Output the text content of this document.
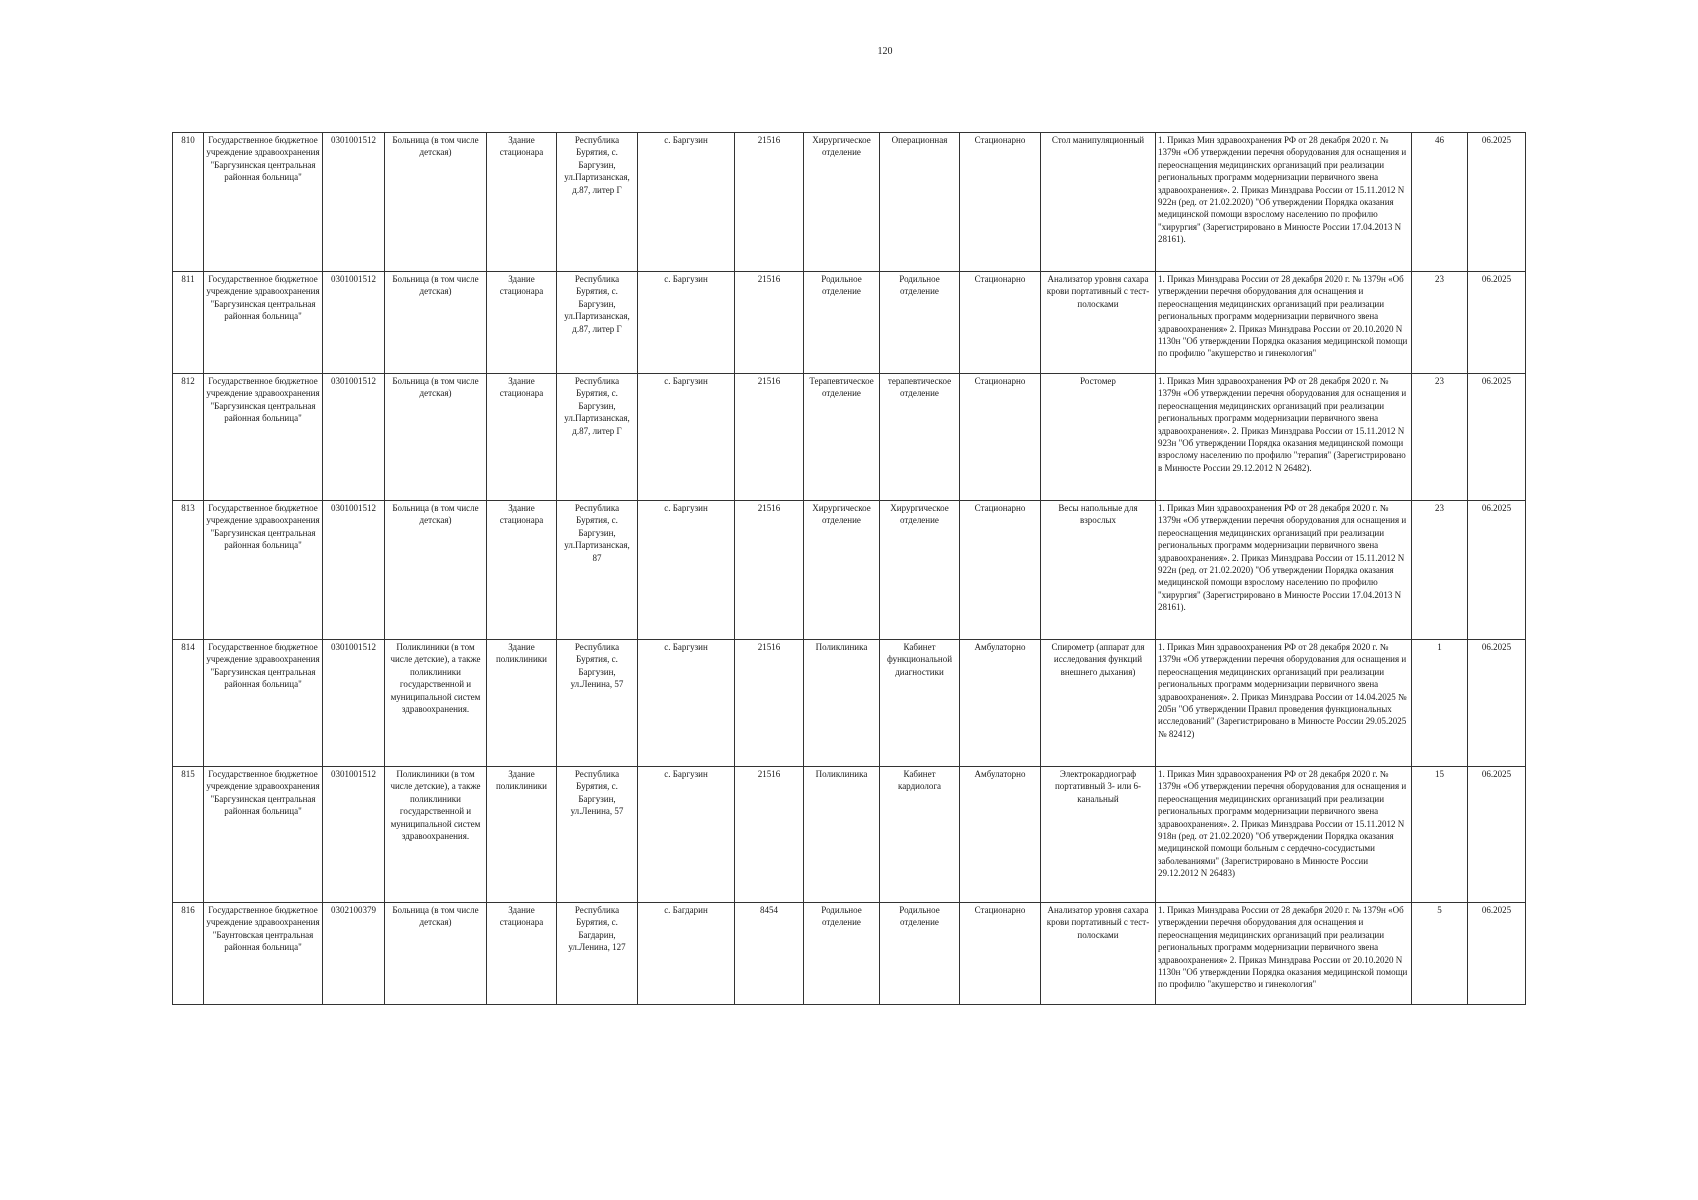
120
810	Государственное бюджетное учреждение здравоохранения "Баргузинская центральная районная больница"	0301001512	Больница (в том числе детская)	Здание стационара	Республика Бурятия, с. Баргузин, ул.Партизанская, д.87, литер Г	с. Баргузин	21516	Хирургическое отделение	Операционная	Стационарно	Стол манипуляционный	1. Приказ Мин здравоохранения РФ от 28 декабря 2020 г. № 1379н «Об утверждении перечня оборудования для оснащения и переоснащения медицинских организаций при реализации региональных программ модернизации первичного звена здравоохранения». 2. Приказ Минздрава России от 15.11.2012 N 922н (ред. от 21.02.2020) "Об утверждении Порядка оказания медицинской помощи взрослому населению по профилю "хирургия" (Зарегистрировано в Минюсте России 17.04.2013 N 28161).	46	06.2025
811	Государственное бюджетное учреждение здравоохранения "Баргузинская центральная районная больница"	0301001512	Больница (в том числе детская)	Здание стационара	Республика Бурятия, с. Баргузин, ул.Партизанская, д.87, литер Г	с. Баргузин	21516	Родильное отделение	Родильное отделение	Стационарно	Анализатор уровня сахара крови портативный с тест-полосками	1. Приказ Минздрава России от 28 декабря 2020 г. № 1379н «Об утверждении перечня оборудования для оснащения и переоснащения медицинских организаций при реализации региональных программ модернизации первичного звена здравоохранения» 2. Приказ Минздрава России от 20.10.2020 N 1130н "Об утверждении Порядка оказания медицинской помощи по профилю "акушерство и гинекология"	23	06.2025
812	Государственное бюджетное учреждение здравоохранения "Баргузинская центральная районная больница"	0301001512	Больница (в том числе детская)	Здание стационара	Республика Бурятия, с. Баргузин, ул.Партизанская, д.87, литер Г	с. Баргузин	21516	Терапевтическое отделение	терапевтическое отделение	Стационарно	Ростомер	1. Приказ Мин здравоохранения РФ от 28 декабря 2020 г. № 1379н «Об утверждении перечня оборудования для оснащения и переоснащения медицинских организаций при реализации региональных программ модернизации первичного звена здравоохранения». 2. Приказ Минздрава России от 15.11.2012 N 923н "Об утверждении Порядка оказания медицинской помощи взрослому населению по профилю "терапия" (Зарегистрировано в Минюсте России 29.12.2012 N 26482).	23	06.2025
813	Государственное бюджетное учреждение здравоохранения "Баргузинская центральная районная больница"	0301001512	Больница (в том числе детская)	Здание стационара	Республика Бурятия, с. Баргузин, ул.Партизанская, 87	с. Баргузин	21516	Хирургическое отделение	Хирургическое отделение	Стационарно	Весы напольные для взрослых	1. Приказ Мин здравоохранения РФ от 28 декабря 2020 г. № 1379н «Об утверждении перечня оборудования для оснащения и переоснащения медицинских организаций при реализации региональных программ модернизации первичного звена здравоохранения». 2. Приказ Минздрава России от 15.11.2012 N 922н (ред. от 21.02.2020) "Об утверждении Порядка оказания медицинской помощи взрослому населению по профилю "хирургия" (Зарегистрировано в Минюсте России 17.04.2013 N 28161).	23	06.2025
814	Государственное бюджетное учреждение здравоохранения "Баргузинская центральная районная больница"	0301001512	Поликлиники (в том числе детские), а также поликлиники государственной и муниципальной систем здравоохранения.	Здание поликлиники	Республика Бурятия, с. Баргузин, ул.Ленина, 57	с. Баргузин	21516	Поликлиника	Кабинет функциональной диагностики	Амбулаторно	Спирометр (аппарат для исследования функций внешнего дыхания)	1. Приказ Мин здравоохранения РФ от 28 декабря 2020 г. № 1379н «Об утверждении перечня оборудования для оснащения и переоснащения медицинских организаций при реализации региональных программ модернизации первичного звена здравоохранения». 2. Приказ Минздрава России от 14.04.2025 № 205н "Об утверждении Правил проведения функциональных исследований" (Зарегистрировано в Минюсте России 29.05.2025 № 82412)	1	06.2025
815	Государственное бюджетное учреждение здравоохранения "Баргузинская центральная районная больница"	0301001512	Поликлиники (в том числе детские), а также поликлиники государственной и муниципальной систем здравоохранения.	Здание поликлиники	Республика Бурятия, с. Баргузин, ул.Ленина, 57	с. Баргузин	21516	Поликлиника	Кабинет кардиолога	Амбулаторно	Электрокардиограф портативный 3- или 6-канальный	1. Приказ Мин здравоохранения РФ от 28 декабря 2020 г. № 1379н «Об утверждении перечня оборудования для оснащения и переоснащения медицинских организаций при реализации региональных программ модернизации первичного звена здравоохранения». 2. Приказ Минздрава России от 15.11.2012 N 918н (ред. от 21.02.2020) "Об утверждении Порядка оказания медицинской помощи больным с сердечно-сосудистыми заболеваниями" (Зарегистрировано в Минюсте России 29.12.2012 N 26483)	15	06.2025
816	Государственное бюджетное учреждение здравоохранения "Баунтовская центральная районная больница"	0302100379	Больница (в том числе детская)	Здание стационара	Республика Бурятия, с. Багдарин, ул.Ленина, 127	с. Багдарин	8454	Родильное отделение	Родильное отделение	Стационарно	Анализатор уровня сахара крови портативный с тест-полосками	1. Приказ Минздрава России от 28 декабря 2020 г. № 1379н «Об утверждении перечня оборудования для оснащения и переоснащения медицинских организаций при реализации региональных программ модернизации первичного звена здравоохранения» 2. Приказ Минздрава России от 20.10.2020 N 1130н "Об утверждении Порядка оказания медицинской помощи по профилю "акушерство и гинекология"	5	06.2025
